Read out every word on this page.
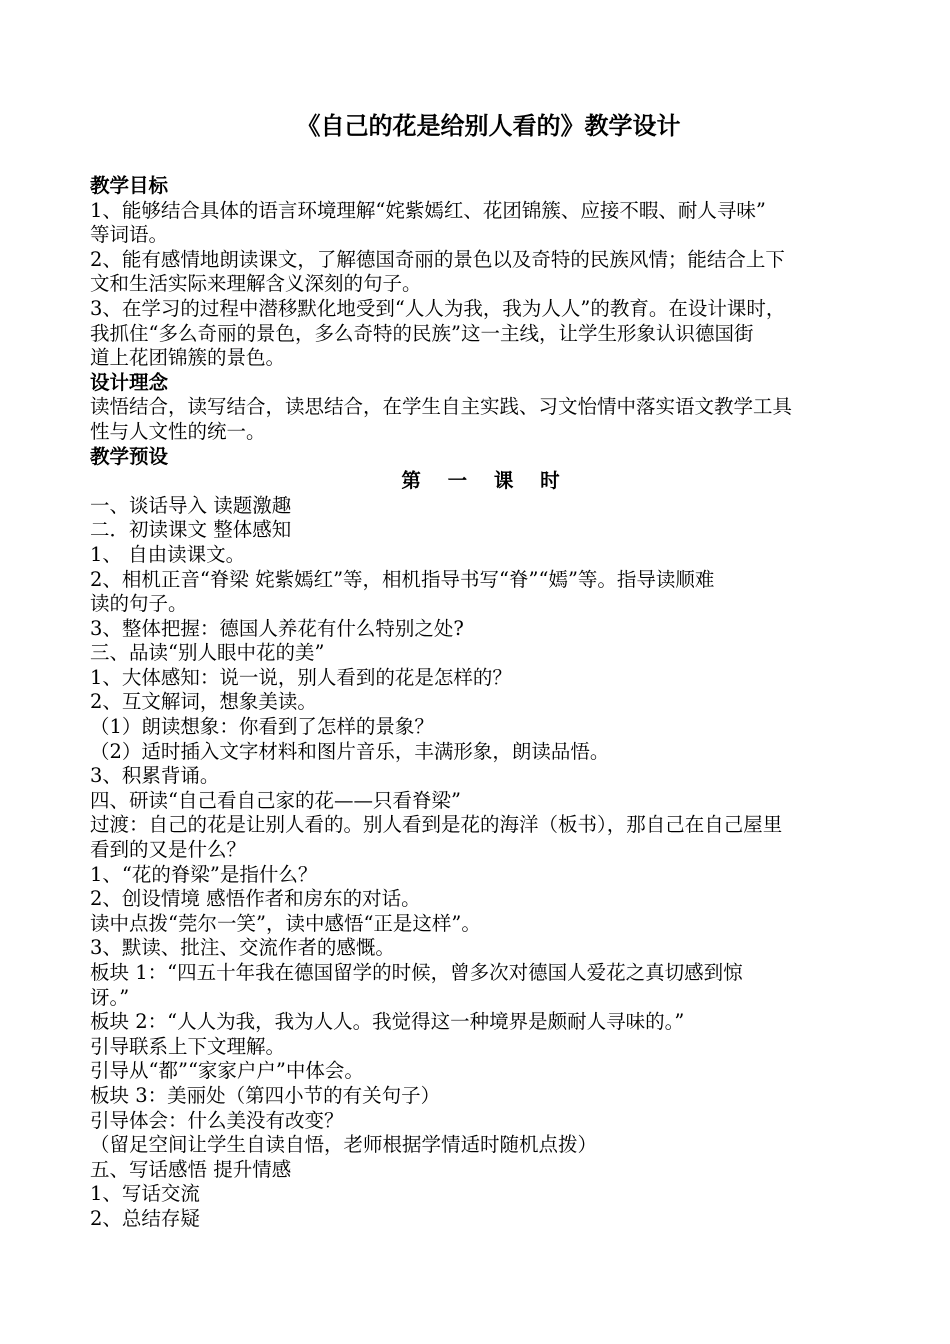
《自己的花是给别人看的》教学设计

教学目标

1、能够结合具体的语言环境理解“姹紫嫣红、花团锦簇、应接不暇、耐人寻味”

等词语。

2、能有感情地朗读课文，了解德国奇丽的景色以及奇特的民族风情；能结合上下

文和生活实际来理解含义深刻的句子。

3、在学习的过程中潜移默化地受到“人人为我，我为人人”的教育。在设计课时，

我抓住“多么奇丽的景色，多么奇特的民族”这一主线，让学生形象认识德国街

道上花团锦簇的景色。

设计理念

读悟结合，读写结合，读思结合，在学生自主实践、习文怡情中落实语文教学工具

性与人文性的统一。

教学预设

第 一 课 时

一、谈话导入 读题激趣

二．初读课文 整体感知

1、 自由读课文。

2、相机正音“脊梁 姹紫嫣红”等，相机指导书写“脊”“嫣”等。指导读顺难

读的句子。

3、整体把握：德国人养花有什么特别之处?

三、品读“别人眼中花的美”

1、大体感知：说一说，别人看到的花是怎样的？

2、互文解词，想象美读。

（1）朗读想象：你看到了怎样的景象？

（2）适时插入文字材料和图片音乐，丰满形象，朗读品悟。

3、积累背诵。

四、研读“自己看自己家的花——只看脊梁”

过渡：自己的花是让别人看的。别人看到是花的海洋（板书），那自己在自己屋里

看到的又是什么？

1、“花的脊梁”是指什么？

2、创设情境 感悟作者和房东的对话。

读中点拨“莞尔一笑”，读中感悟“正是这样”。

3、默读、批注、交流作者的感慨。

板块 1：“四五十年我在德国留学的时候，曾多次对德国人爱花之真切感到惊

讶。”

板块 2：“人人为我，我为人人。我觉得这一种境界是颇耐人寻味的。”

引导联系上下文理解。

引导从“都”“家家户户”中体会。

板块 3：美丽处（第四小节的有关句子）

引导体会：什么美没有改变？

（留足空间让学生自读自悟，老师根据学情适时随机点拨）

五、写话感悟 提升情感

1、写话交流

2、总结存疑
